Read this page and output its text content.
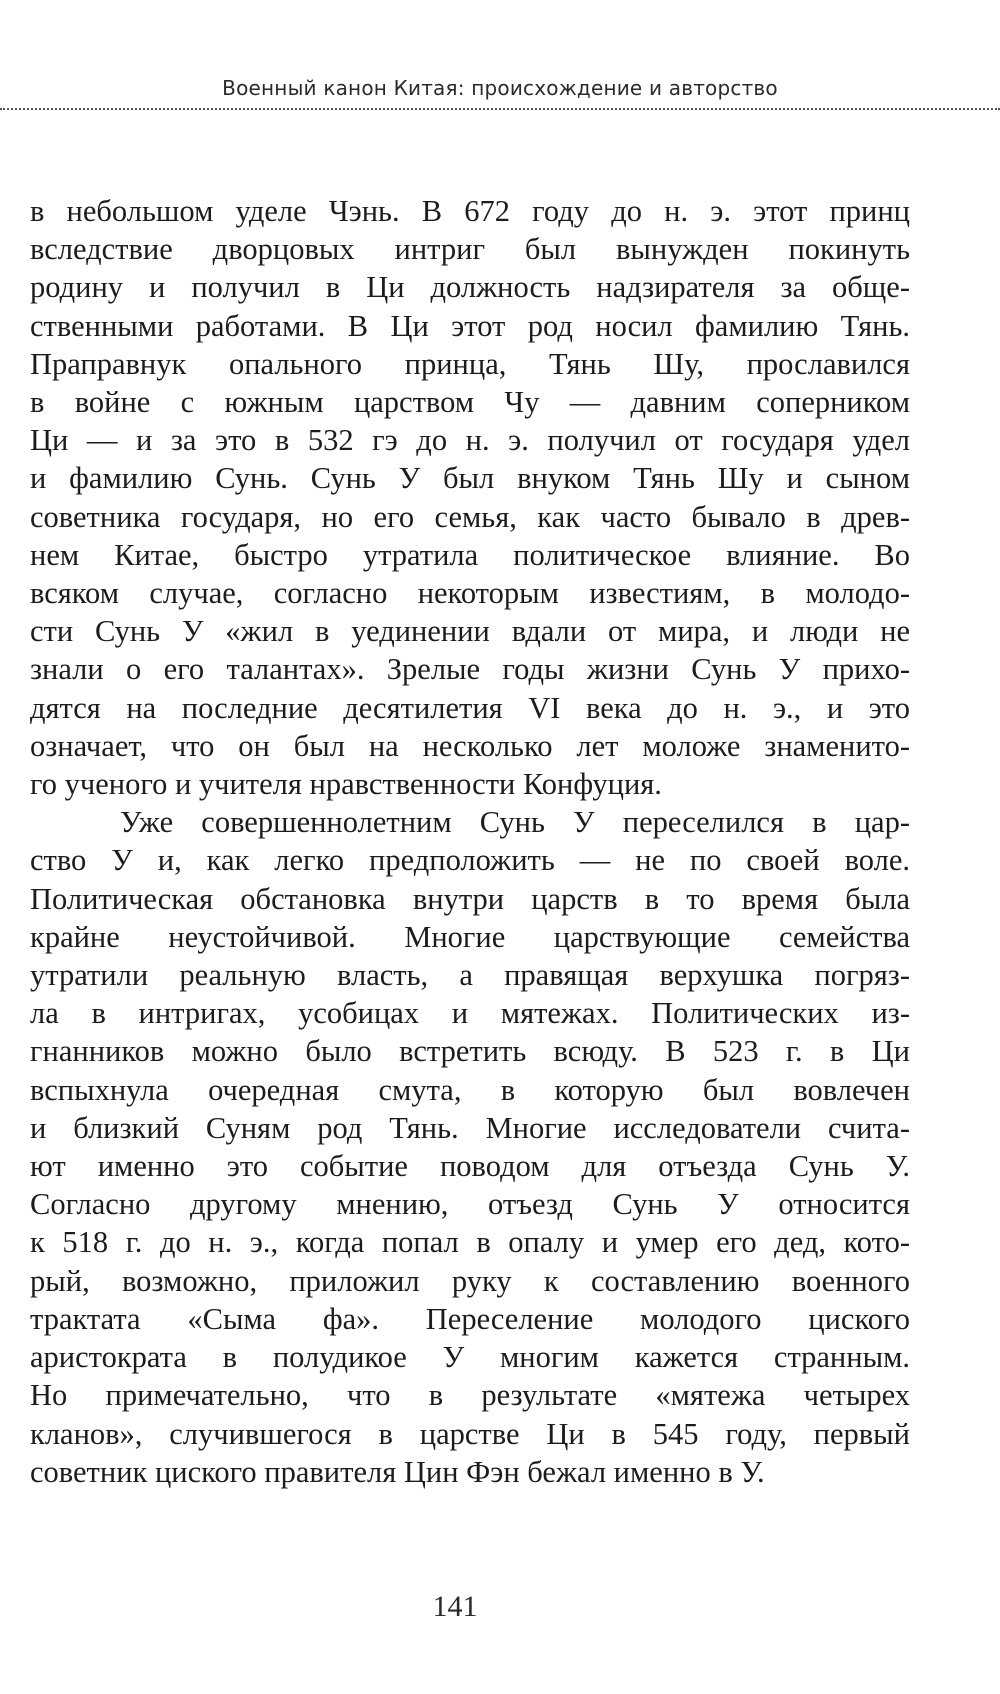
Военный канон Китая: происхождение и авторство
в небольшом уделе Чэнь. В 672 году до н. э. этот принц
вследствие дворцовых интриг был вынужден покинуть
родину и получил в Ци должность надзирателя за обще-
ственными работами. В Ци этот род носил фамилию Тянь.
Праправнук опального принца, Тянь Шу, прославился
в войне с южным царством Чу — давним соперником
Ци — и за это в 532 гэ до н. э. получил от государя удел
и фамилию Сунь. Сунь У был внуком Тянь Шу и сыном
советника государя, но его семья, как часто бывало в древ-
нем Китае, быстро утратила политическое влияние. Во
всяком случае, согласно некоторым известиям, в молодо-
сти Сунь У «жил в уединении вдали от мира, и люди не
знали о его талантах». Зрелые годы жизни Сунь У прихо-
дятся на последние десятилетия VI века до н. э., и это
означает, что он был на несколько лет моложе знаменито-
го ученого и учителя нравственности Конфуция.
Уже совершеннолетним Сунь У переселился в цар-
ство У и, как легко предположить — не по своей воле.
Политическая обстановка внутри царств в то время была
крайне неустойчивой. Многие царствующие семейства
утратили реальную власть, а правящая верхушка погряз-
ла в интригах, усобицах и мятежах. Политических из-
гнанников можно было встретить всюду. В 523 г. в Ци
вспыхнула очередная смута, в которую был вовлечен
и близкий Суням род Тянь. Многие исследователи счита-
ют именно это событие поводом для отъезда Сунь У.
Согласно другому мнению, отъезд Сунь У относится
к 518 г. до н. э., когда попал в опалу и умер его дед, кото-
рый, возможно, приложил руку к составлению военного
трактата «Сыма фа». Переселение молодого циского
аристократа в полудикое У многим кажется странным.
Но примечательно, что в результате «мятежа четырех
кланов», случившегося в царстве Ци в 545 году, первый
советник циского правителя Цин Фэн бежал именно в У.
141
